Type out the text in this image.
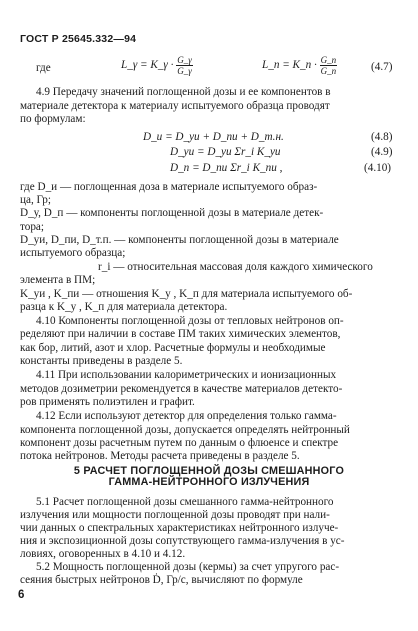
ГОСТ Р 25645.332—94
где	L_γ = K_γ · $\frac{G\_\gamma}{G\_\gamma}$	L_n = K_n · $\frac{G\_n}{G\_n}$	(4.7)
4.9 Передачу значений поглощенной дозы и ее компонентов в
материале детектора к материалу испытуемого образца проводят
по формулам:
D_и = D_уи + D_пи + D_т.н.	(4.8)
D_уи = D_уи Σr_i K_уи	(4.9)
D_п = D_пи Σr_i K_пи ,	(4.10)
где D_и — поглощенная доза в материале испытуемого образ-
ца, Гр;
D_у, D_п — компоненты поглощенной дозы в материале детек-
тора;
D_уи, D_пи, D_т.п. — компоненты поглощенной дозы в материале
испытуемого образца;
r_i — относительная массовая доля каждого химического
элемента в ПМ;
K_уи , K_пи — отношения K_у , K_п для материала испытуемого об-
разца к K_у , K_п для материала детектора.
4.10 Компоненты поглощенной дозы от тепловых нейтронов оп-
ределяют при наличии в составе ПМ таких химических элементов,
как бор, литий, азот и хлор. Расчетные формулы и необходимые
константы приведены в разделе 5.
4.11 При использовании калориметрических и ионизационных
методов дозиметрии рекомендуется в качестве материалов детекто-
ров применять полиэтилен и графит.
4.12 Если используют детектор для определения только гамма-
компонента поглощенной дозы, допускается определять нейтронный
компонент дозы расчетным путем по данным о флюенсе и спектре
потока нейтронов. Методы расчета приведены в разделе 5.
5 РАСЧЕТ ПОГЛОЩЕННОЙ ДОЗЫ СМЕШАННОГО
ГАММА-НЕЙТРОННОГО ИЗЛУЧЕНИЯ
6
5.1 Расчет поглощенной дозы смешанного гамма-нейтронного
излучения или мощности поглощенной дозы проводят при нали-
чии данных о спектральных характеристиках нейтронного излуче-
ния и экспозиционной дозы сопутствующего гамма-излучения в ус-
ловиях, оговоренных в 4.10 и 4.12.
5.2 Мощность поглощенной дозы (кермы) за счет упругого рас-
сеяния быстрых нейтронов Ḋ, Гр/с, вычисляют по формуле
